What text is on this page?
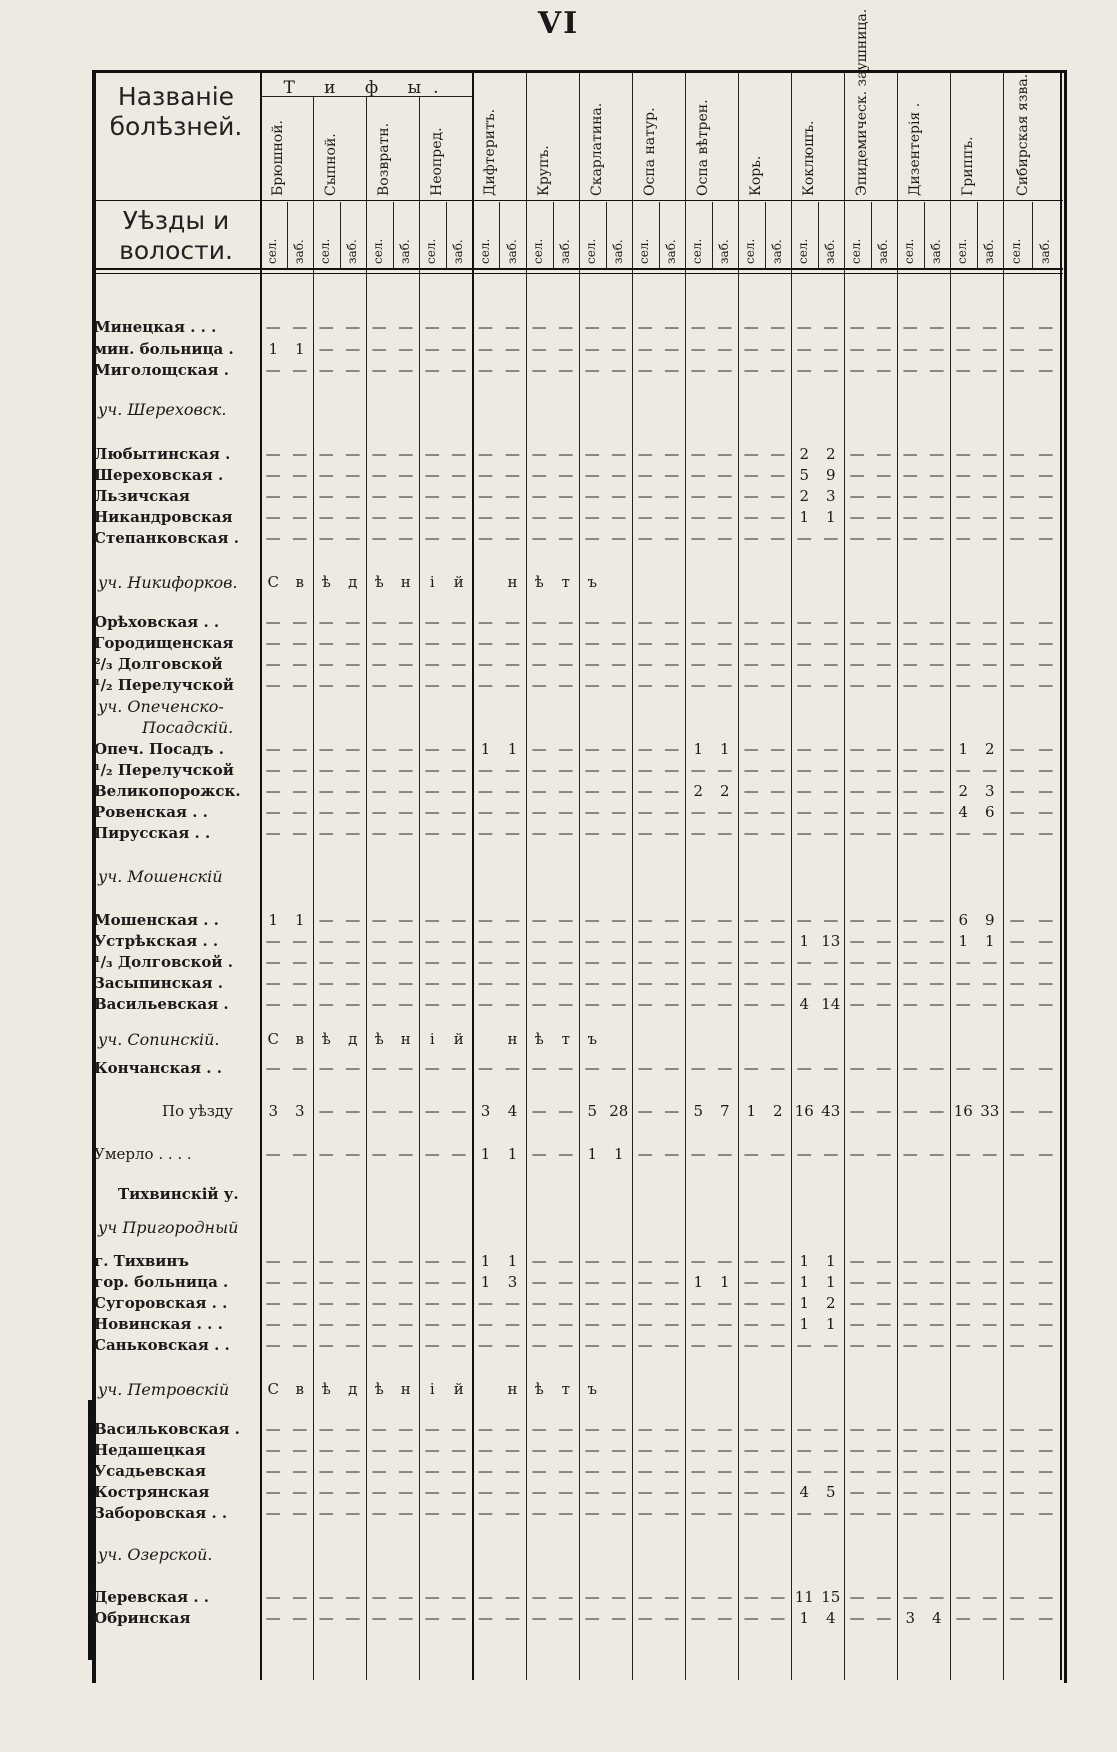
VI
Названіе болѣзней.
Уѣзды и волости.
Т и ф ы.
Брюшной.	Сыпной.	Возвратн.	Неопред.	Дифтеритъ.	Крупъ.	Скарлатина.	Оспа натур.	Оспа вѣтрен.	Корь.	Коклюшъ.	Эпидемическ. заушница.	Дизентерія .	Гриппъ.	Сибирская язва.
сел. заб. сел. заб. сел. заб. сел. заб. сел. заб. сел. заб. сел. заб. сел. заб. сел. заб. сел. заб. сел. заб. сел. заб. сел. заб. сел. заб. сел. заб.
Минецкая . . .	— — — — — — — — — — — — — — — — — — — — — — — — — — — — — —
мин. больница .	1	1 — — — — — — — — — — — — — — — — — — — — — — — — — — — —
Миголощская .	— — — — — — — — — — — — — — — — — — — — — — — — — — — — — —
уч. Шереховск.
Любытинская .	— — — — — — — — — — — — — — — — — — — — 2	2 — — — — — — — —
Шереховская .	— — — — — — — — — — — — — — — — — — — — 5	9 — — — — — — — —
Льзичская	— — — — — — — — — — — — — — — — — — — — 2	3 — — — — — — — —
Никандровская	— — — — — — — — — — — — — — — — — — — — 1	1 — — — — — — — —
Степанковская .	— — — — — — — — — — — — — — — — — — — — — — — — — — — — — —
уч. Никифорков. С	в	ѣ	д	ѣ	н	і	й	н	ѣ	т	ъ
Орѣховская . .	— — — — — — — — — — — — — — — — — — — — — — — — — — — — — —
Городищенская	— — — — — — — — — — — — — — — — — — — — — — — — — — — — — —
²/₃ Долговской	— — — — — — — — — — — — — — — — — — — — — — — — — — — — — —
¹/₂ Перелучской	— — — — — — — — — — — — — — — — — — — — — — — — — — — — — —
уч. Опеченско-
Посадскій.
Опеч. Посадъ .	— — — — — — — — 1	1 — — — — — — 1	1 — — — — — — — — 1	2	— —
¹/₂ Перелучской	— — — — — — — — — — — — — — — — — — — — — — — — — — — — — —
Великопорожск.	— — — — — — — — — — — — — — — — 2	2 — — — — — — — — 2	3	— —
Ровенская . .	— — — — — — — — — — — — — — — — — — — — — — — — — — 4	6	— —
Пирусская . .	— — — — — — — — — — — — — — — — — — — — — — — — — — — — — —
уч. Мошенскій
Мошенская . .	1	1 — — — — — — — — — — — — — — — — — — — — — — — — 6	9	— —
Устрѣкская . .	— — — — — — — — — — — — — — — — — — — — 1 13 — — — — 1	1	— —
¹/₃ Долговской .	— — — — — — — — — — — — — — — — — — — — — — — — — — — — — —
Засыпинская .	— — — — — — — — — — — — — — — — — — — — — — — — — — — — — —
Васильевская .	— — — — — — — — — — — — — — — — — — — — 4 14 — — — — — — — —
уч. Сопинскій.	С	в	ѣ	д	ѣ	н	і	й	н	ѣ	т	ъ
Кончанская . .	— — — — — — — — — — — — — — — — — — — — — — — — — — — — — —
По уѣзду	3	3 — — — — — — 3	4 — — 5 28 — — 5	7	1	2 16 43 — — — — 16 33 — —
Умерло . . . .	— — — — — — — — 1	1 — — 1	1 — — — — — — — — — — — — — — — —
Тихвинскій у.
уч Пригородный
г. Тихвинъ	— — — — — — — — 1	1 — — — — — — — — — — 1	1 — — — — — — — —
гор. больница .	— — — — — — — — 1	3 — — — — — — 1	1 — — 1	1 — — — — — — — —
Сугоровская . .	— — — — — — — — — — — — — — — — — — — — 1	2 — — — — — — — —
Новинская . . .	— — — — — — — — — — — — — — — — — — — — 1	1 — — — — — — — —
Саньковская . .	— — — — — — — — — — — — — — — — — — — — — — — — — — — — — —
уч. Петровскій	С	в	ѣ	д	ѣ	н	і	й	н	ѣ	т	ъ
Васильковская .	— — — — — — — — — — — — — — — — — — — — — — — — — — — — — —
Недашецкая	— — — — — — — — — — — — — — — — — — — — — — — — — — — — — —
Усадьевская	— — — — — — — — — — — — — — — — — — — — — — — — — — — — — —
Кострянская	— — — — — — — — — — — — — — — — — — — — 4	5 — — — — — — — —
Заборовская . .	— — — — — — — — — — — — — — — — — — — — — — — — — — — — — —
уч. Озерской.
Деревская . .	— — — — — — — — — — — — — — — — — — — — 11 15 — — — — — — — —
Обринская	— — — — — — — — — — — — — — — — — — — — 1	4 — — 3	4 — — — —
